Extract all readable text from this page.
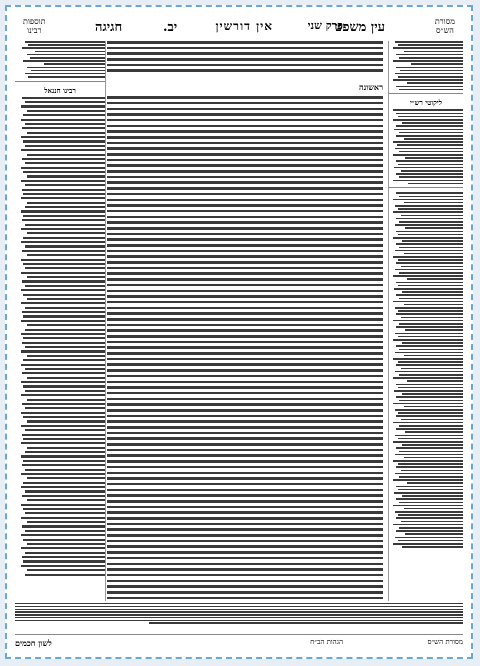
מסורת
הש״ס
עין משפט
אין דורשין
חגיגה	יב.
תוספות
רבינו	פרק שני
ליקוטי רש״י
ראשונה
רבינו חננאל
מסורת הש״ס
הגהות הב״ח
לשון חכמים
